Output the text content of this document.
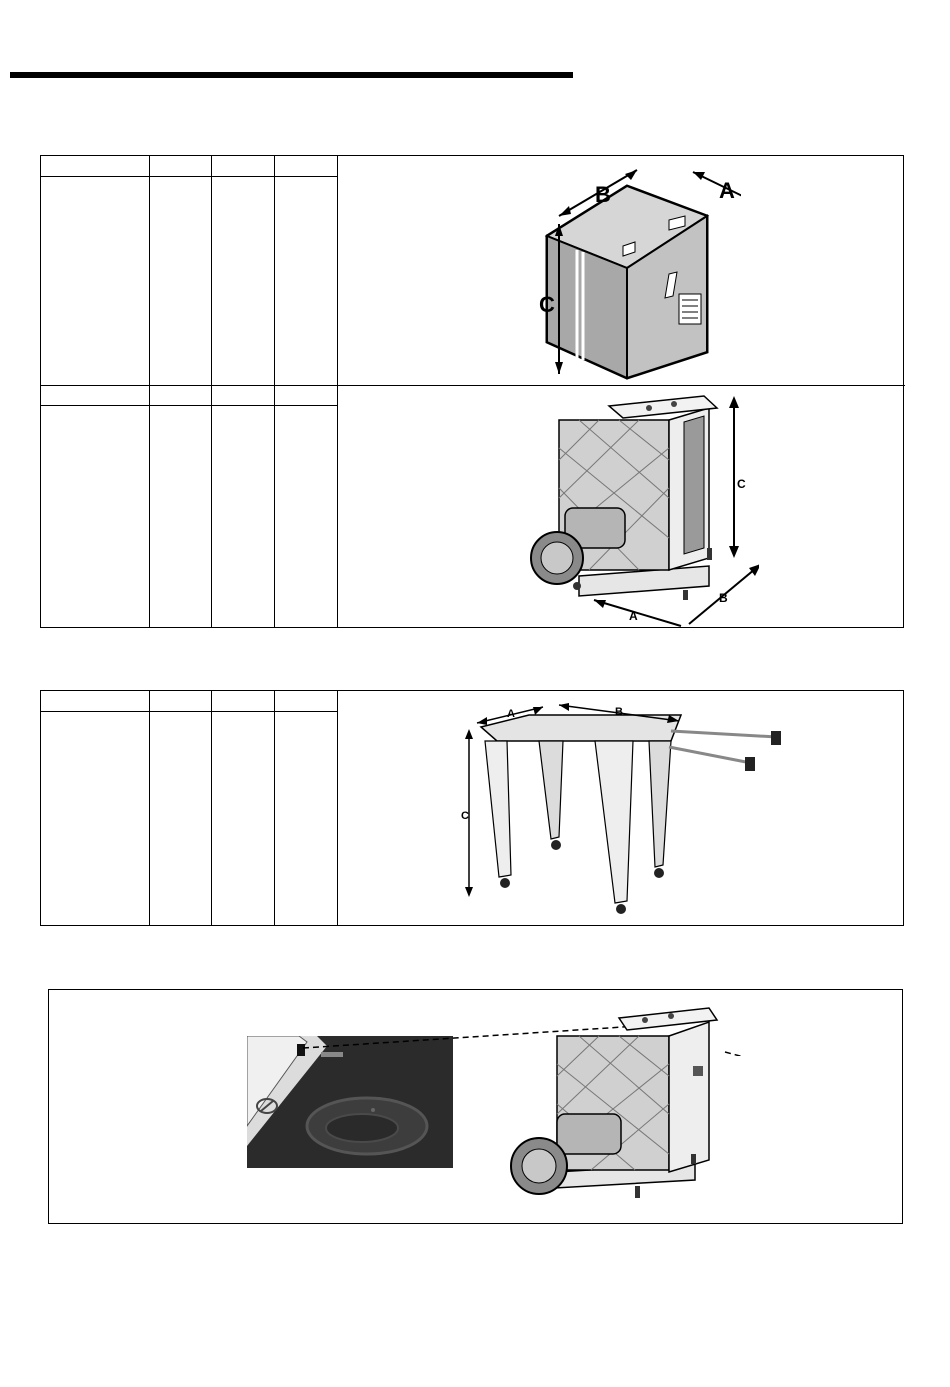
B	A
C
C
A
B
A	B
C
